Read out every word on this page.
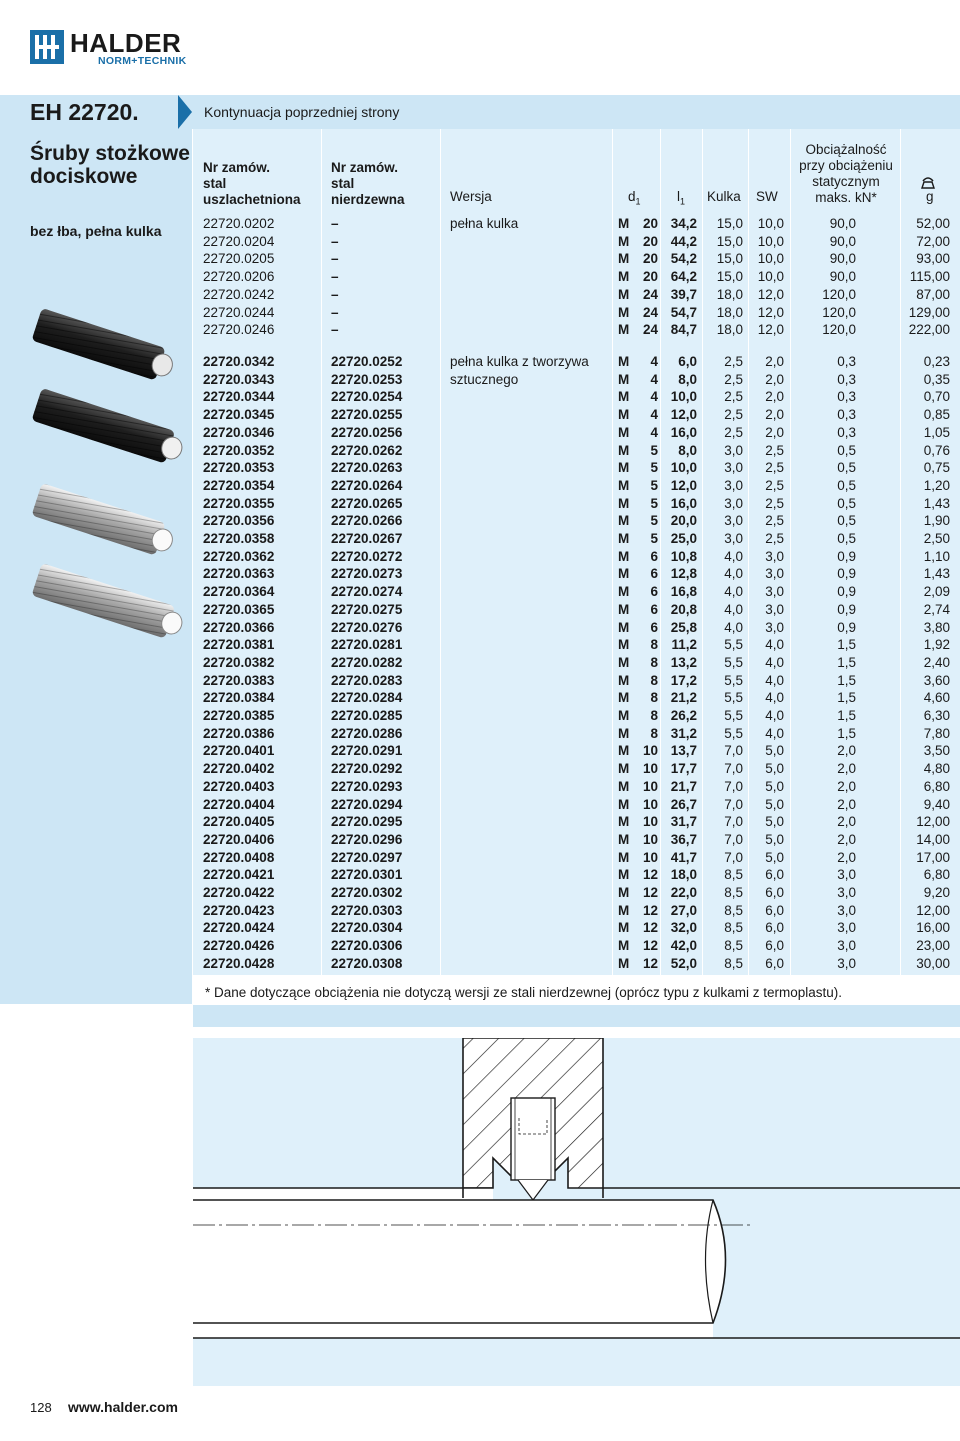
HALDER
NORM+TECHNIK
EH 22720.	Kontynuacja poprzedniej strony
Śruby stożkowe dociskowe
bez łba, pełna kulka
Nr zamów.
stal
uszlachetniona
Nr zamów.
stal
nierdzewna	Wersja	$d_1$	$l_1$ Kulka SW
Obciążalność
przy obciążeniu
statycznym
maks. kN*	g
22720.0202	–	pełna kulka	M	20 34,2	15,0	10,0	90,0	52,00
22720.0204	–	M	20 44,2	15,0	10,0	90,0	72,00
22720.0205	–	M	20 54,2	15,0	10,0	90,0	93,00
22720.0206	–	M	20 64,2	15,0	10,0	90,0	115,00
22720.0242	–	M	24 39,7	18,0	12,0	120,0	87,00
22720.0244	–	M	24 54,7	18,0	12,0	120,0	129,00
22720.0246	–	M	24 84,7	18,0	12,0	120,0	222,00
22720.0342	22720.0252	pełna kulka z tworzywa M	4	6,0	2,5	2,0	0,3	0,23
22720.0343	22720.0253	sztucznego	M	4	8,0	2,5	2,0	0,3	0,35
22720.0344	22720.0254	M	4 10,0	2,5	2,0	0,3	0,70
22720.0345	22720.0255	M	4 12,0	2,5	2,0	0,3	0,85
22720.0346	22720.0256	M	4 16,0	2,5	2,0	0,3	1,05
22720.0352	22720.0262	M	5	8,0	3,0	2,5	0,5	0,76
22720.0353	22720.0263	M	5 10,0	3,0	2,5	0,5	0,75
22720.0354	22720.0264	M	5 12,0	3,0	2,5	0,5	1,20
22720.0355	22720.0265	M	5 16,0	3,0	2,5	0,5	1,43
22720.0356	22720.0266	M	5 20,0	3,0	2,5	0,5	1,90
22720.0358	22720.0267	M	5 25,0	3,0	2,5	0,5	2,50
22720.0362	22720.0272	M	6 10,8	4,0	3,0	0,9	1,10
22720.0363	22720.0273	M	6 12,8	4,0	3,0	0,9	1,43
22720.0364	22720.0274	M	6 16,8	4,0	3,0	0,9	2,09
22720.0365	22720.0275	M	6 20,8	4,0	3,0	0,9	2,74
22720.0366	22720.0276	M	6 25,8	4,0	3,0	0,9	3,80
22720.0381	22720.0281	M	8 11,2	5,5	4,0	1,5	1,92
22720.0382	22720.0282	M	8 13,2	5,5	4,0	1,5	2,40
22720.0383	22720.0283	M	8 17,2	5,5	4,0	1,5	3,60
22720.0384	22720.0284	M	8 21,2	5,5	4,0	1,5	4,60
22720.0385	22720.0285	M	8 26,2	5,5	4,0	1,5	6,30
22720.0386	22720.0286	M	8 31,2	5,5	4,0	1,5	7,80
22720.0401	22720.0291	M	10 13,7	7,0	5,0	2,0	3,50
22720.0402	22720.0292	M	10 17,7	7,0	5,0	2,0	4,80
22720.0403	22720.0293	M	10 21,7	7,0	5,0	2,0	6,80
22720.0404	22720.0294	M	10 26,7	7,0	5,0	2,0	9,40
22720.0405	22720.0295	M	10 31,7	7,0	5,0	2,0	12,00
22720.0406	22720.0296	M	10 36,7	7,0	5,0	2,0	14,00
22720.0408	22720.0297	M	10 41,7	7,0	5,0	2,0	17,00
22720.0421	22720.0301	M	12 18,0	8,5	6,0	3,0	6,80
22720.0422	22720.0302	M	12 22,0	8,5	6,0	3,0	9,20
22720.0423	22720.0303	M	12 27,0	8,5	6,0	3,0	12,00
22720.0424	22720.0304	M	12 32,0	8,5	6,0	3,0	16,00
22720.0426	22720.0306	M	12 42,0	8,5	6,0	3,0	23,00
22720.0428	22720.0308	M	12 52,0	8,5	6,0	3,0	30,00
* Dane dotyczące obciążenia nie dotyczą wersji ze stali nierdzewnej (oprócz typu z kulkami z termoplastu).
128 www.halder.com
